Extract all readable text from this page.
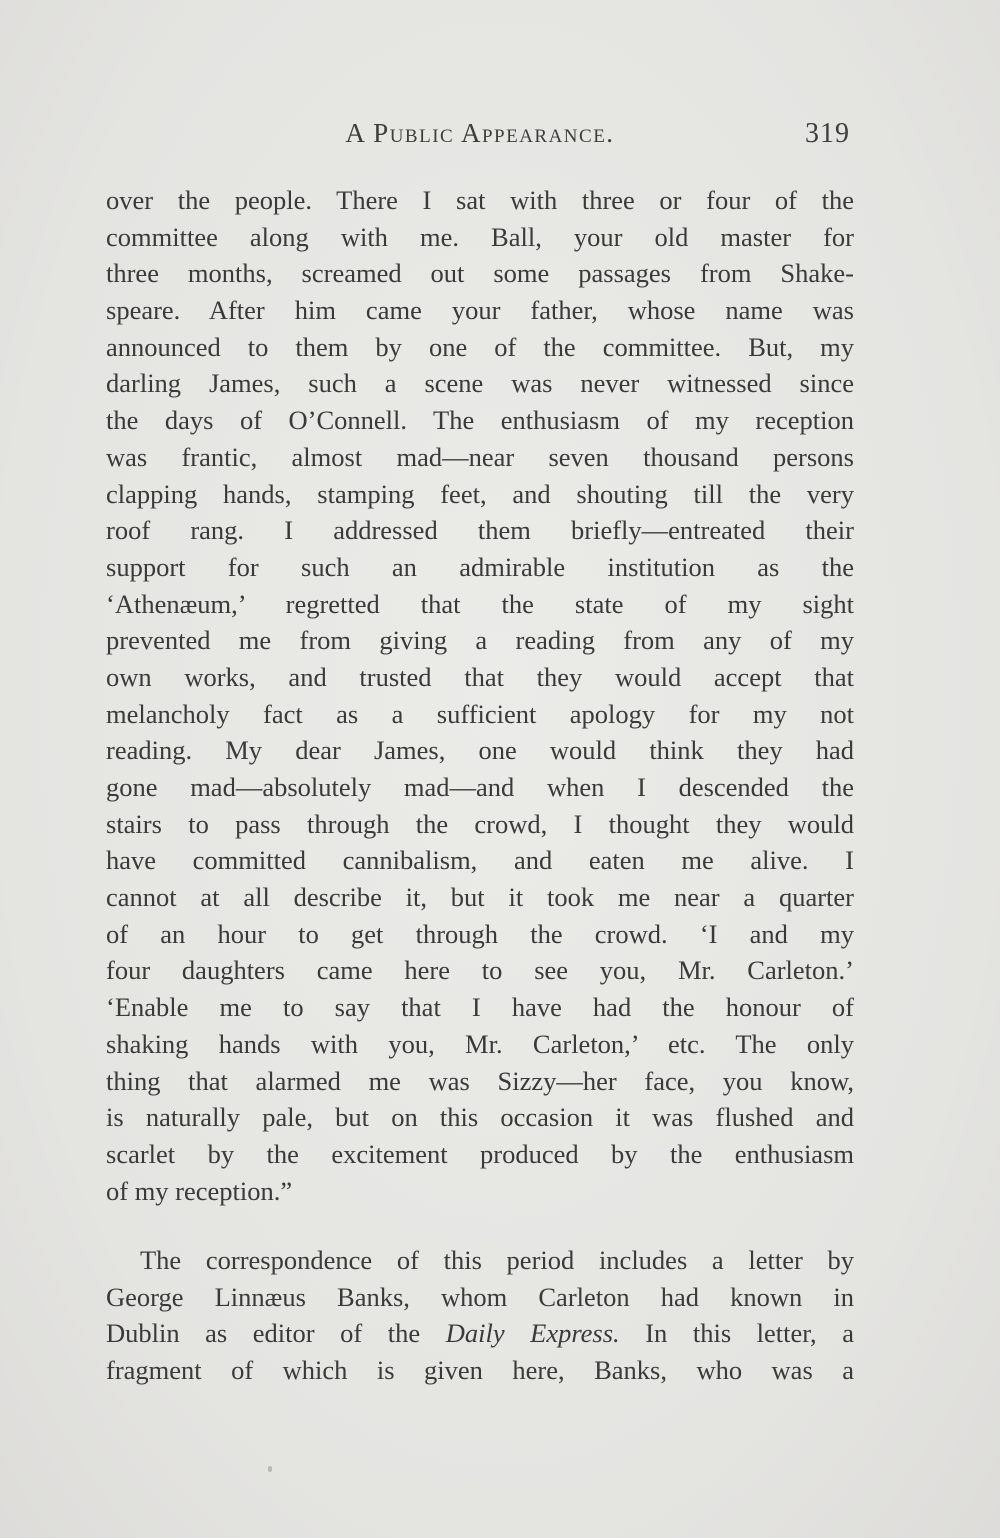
A Public Appearance.	319
over the people. There I sat with three or four of the
committee along with me. Ball, your old master for
three months, screamed out some passages from Shake-
speare. After him came your father, whose name was
announced to them by one of the committee. But, my
darling James, such a scene was never witnessed since
the days of O’Connell. The enthusiasm of my reception
was frantic, almost mad—near seven thousand persons
clapping hands, stamping feet, and shouting till the very
roof rang. I addressed them briefly—entreated their
support for such an admirable institution as the
‘Athenæum,’ regretted that the state of my sight
prevented me from giving a reading from any of my
own works, and trusted that they would accept that
melancholy fact as a sufficient apology for my not
reading. My dear James, one would think they had
gone mad—absolutely mad—and when I descended the
stairs to pass through the crowd, I thought they would
have committed cannibalism, and eaten me alive. I
cannot at all describe it, but it took me near a quarter
of an hour to get through the crowd. ‘I and my
four daughters came here to see you, Mr. Carleton.’
‘Enable me to say that I have had the honour of
shaking hands with you, Mr. Carleton,’ etc. The only
thing that alarmed me was Sizzy—her face, you know,
is naturally pale, but on this occasion it was flushed and
scarlet by the excitement produced by the enthusiasm
of my reception.”
The correspondence of this period includes a letter by
George Linnæus Banks, whom Carleton had known in
Dublin as editor of the Daily Express. In this letter, a
fragment of which is given here, Banks, who was a
